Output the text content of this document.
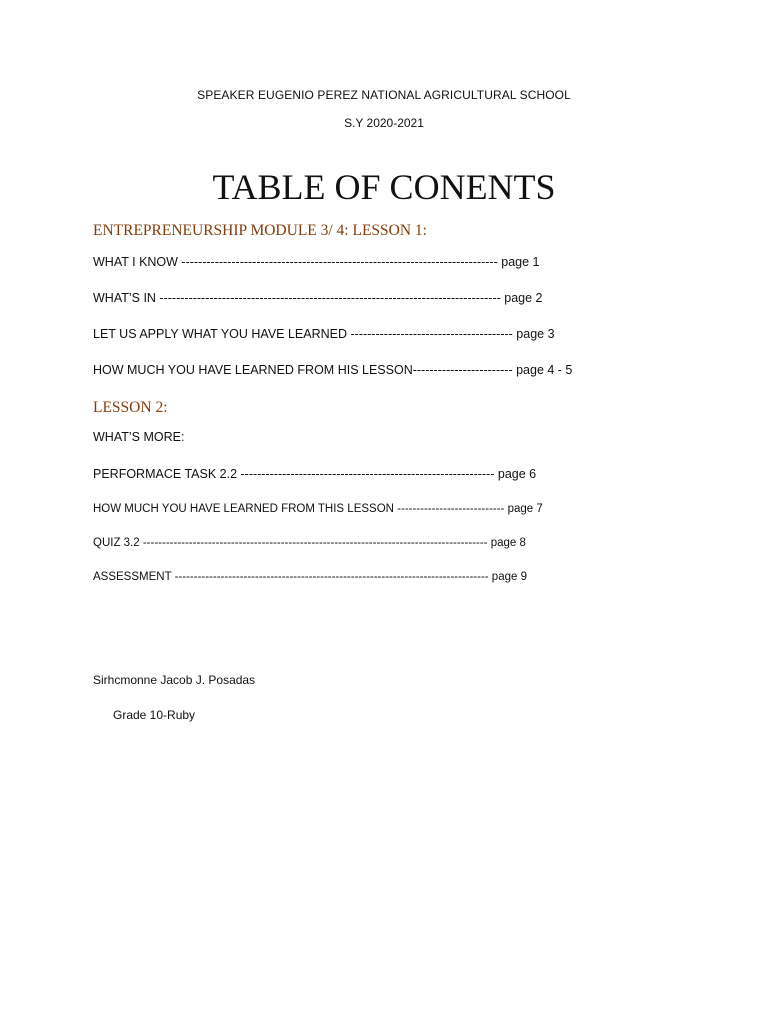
SPEAKER EUGENIO PEREZ NATIONAL AGRICULTURAL SCHOOL
S.Y 2020-2021
TABLE OF CONENTS
ENTREPRENEURSHIP MODULE 3/ 4: LESSON 1:
WHAT I KNOW ---------------------------------------------------------------------------- page 1
WHAT’S IN ---------------------------------------------------------------------------------- page 2
LET US APPLY WHAT YOU HAVE LEARNED --------------------------------------- page 3
HOW MUCH YOU HAVE LEARNED FROM HIS LESSON------------------------ page 4 - 5
LESSON 2:
WHAT’S MORE:
PERFORMACE TASK 2.2 ------------------------------------------------------------- page 6
HOW MUCH YOU HAVE LEARNED FROM THIS LESSON ---------------------------- page 7
QUIZ 3.2 ------------------------------------------------------------------------------------------ page 8
ASSESSMENT ---------------------------------------------------------------------------------- page 9
Sirhcmonne Jacob J. Posadas
Grade 10-Ruby
